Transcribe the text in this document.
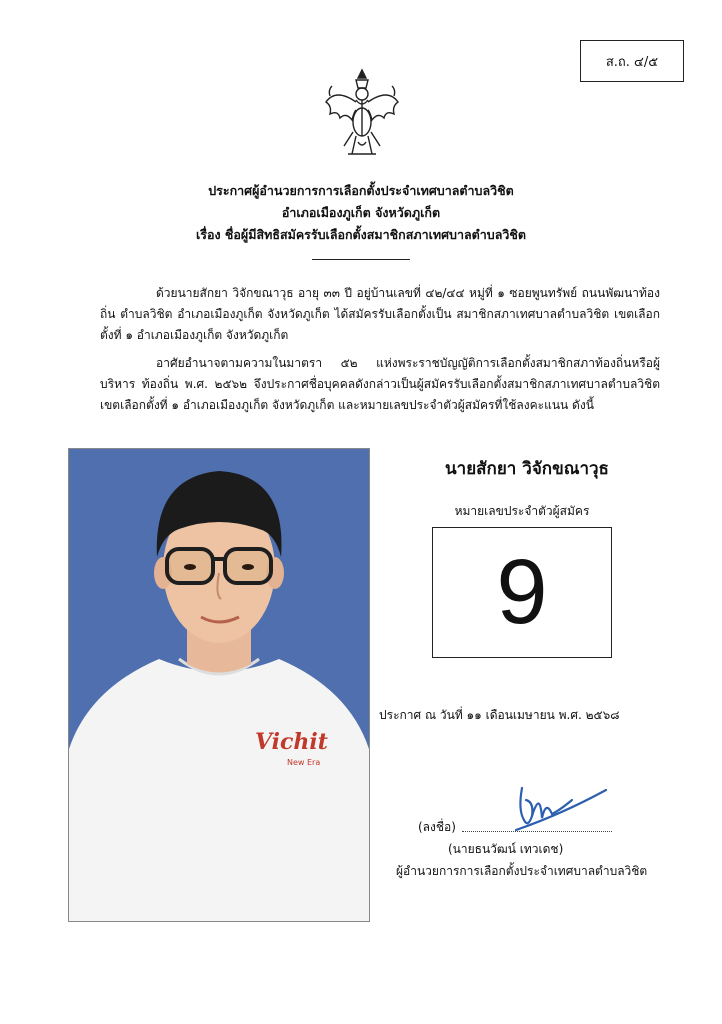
ส.ถ. ๔/๕
ประกาศผู้อำนวยการการเลือกตั้งประจำเทศบาลตำบลวิชิต
อำเภอเมืองภูเก็ต จังหวัดภูเก็ต
เรื่อง ชื่อผู้มีสิทธิสมัครรับเลือกตั้งสมาชิกสภาเทศบาลตำบลวิชิต

ด้วยนายสักยา วิจักขณาวุธ อายุ ๓๓ ปี อยู่บ้านเลขที่ ๔๒/๔๔ หมู่ที่ ๑ ซอยพูนทรัพย์ ถนนพัฒนาท้องถิ่น ตำบลวิชิต อำเภอเมืองภูเก็ต จังหวัดภูเก็ต ได้สมัครรับเลือกตั้งเป็น สมาชิกสภาเทศบาลตำบลวิชิต เขตเลือกตั้งที่ ๑ อำเภอเมืองภูเก็ต จังหวัดภูเก็ต

อาศัยอำนาจตามความในมาตรา ๕๒ แห่งพระราชบัญญัติการเลือกตั้งสมาชิกสภาท้องถิ่นหรือผู้บริหาร ท้องถิ่น พ.ศ. ๒๕๖๒ จึงประกาศชื่อบุคคลดังกล่าวเป็นผู้สมัครรับเลือกตั้งสมาชิกสภาเทศบาลตำบลวิชิต เขตเลือกตั้งที่ ๑ อำเภอเมืองภูเก็ต จังหวัดภูเก็ต และหมายเลขประจำตัวผู้สมัครที่ใช้ลงคะแนน ดังนี้

Vichit
New Era
นายสักยา วิจักขณาวุธ
หมายเลขประจำตัวผู้สมัคร
9
ประกาศ ณ วันที่ ๑๑ เดือนเมษายน พ.ศ. ๒๕๖๘
(ลงชื่อ)
(นายธนวัฒน์ เทวเดช)
ผู้อำนวยการการเลือกตั้งประจำเทศบาลตำบลวิชิต
